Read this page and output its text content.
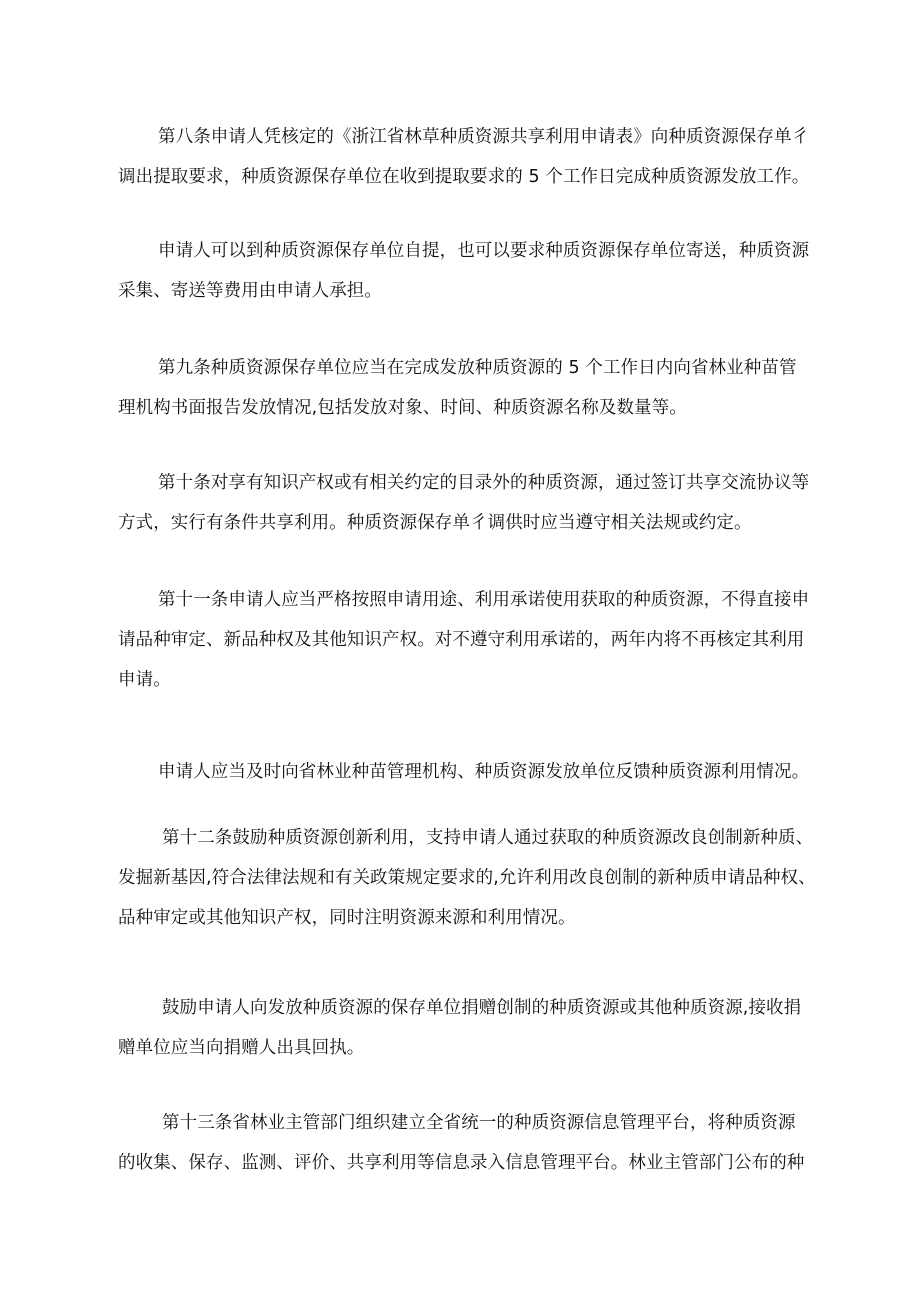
第八条申请人凭核定的《浙江省林草种质资源共享利用申请表》向种质资源保存单彳
调出提取要求，种质资源保存单位在收到提取要求的 5 个工作日完成种质资源发放工作。
申请人可以到种质资源保存单位自提，也可以要求种质资源保存单位寄送，种质资源
采集、寄送等费用由申请人承担。
第九条种质资源保存单位应当在完成发放种质资源的 5 个工作日内向省林业种苗管
理机构书面报告发放情况,包括发放对象、时间、种质资源名称及数量等。
第十条对享有知识产权或有相关约定的目录外的种质资源，通过签订共享交流协议等
方式，实行有条件共享利用。种质资源保存单彳调供时应当遵守相关法规或约定。
第十一条申请人应当严格按照申请用途、利用承诺使用获取的种质资源，不得直接申
请品种审定、新品种权及其他知识产权。对不遵守利用承诺的，两年内将不再核定其利用
申请。
申请人应当及时向省林业种苗管理机构、种质资源发放单位反馈种质资源利用情况。
第十二条鼓励种质资源创新利用，支持申请人通过获取的种质资源改良创制新种质、
发掘新基因,符合法律法规和有关政策规定要求的,允许利用改良创制的新种质申请品种权、
品种审定或其他知识产权，同时注明资源来源和利用情况。
鼓励申请人向发放种质资源的保存单位捐赠创制的种质资源或其他种质资源,接收捐
赠单位应当向捐赠人出具回执。
第十三条省林业主管部门组织建立全省统一的种质资源信息管理平台，将种质资源
的收集、保存、监测、评价、共享利用等信息录入信息管理平台。林业主管部门公布的种
